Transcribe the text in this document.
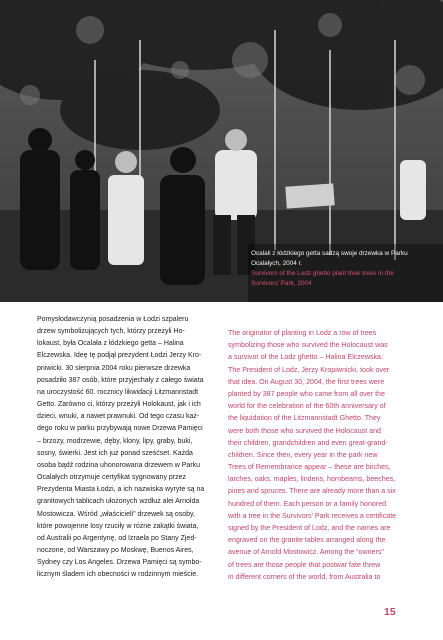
Ocalali z łódzkiego getta sadzą swoje drzewka w Parku
Ocalałych, 2004 r.
Survivors of the Lodz ghetto plant their trees in the
Survivors' Park, 2004
Pomysłodawczynią posadzenia w Łodzi szpaleru
drzew symbolizujących tych, którzy przeżyli Ho-
lokaust, była Ocalała z łódzkiego getta – Halina
Elczewska. Ideę tę podjął prezydent Łodzi Jerzy Kro-
pniwicki. 30 sierpnia 2004 roku pierwsze drzewka
posadziło 387 osób, które przyjechały z całego świata
na uroczystość 60. rocznicy likwidacji Litzmannstadt
Getto. Zarówno ci, którzy przeżyli Holokaust, jak i ich
dzieci, wnuki, a nawet prawnuki. Od tego czasu każ-
dego roku w parku przybywają nowe Drzewa Pamięci
– brzozy, modrzewie, dęby, klony, lipy, graby, buki,
sosny, świerki. Jest ich już ponad sześćset. Każda
osoba bądź rodzina uhonorowana drzewem w Parku
Ocalałych otrzymuje certyfikat sygnowany przez
Prezydenta Miasta Łodzi, a ich nazwiska wyryte są na
granitowych tablicach ułożonych wzdłuż alei Arnolda
Mostowicza. Wśród „właścicieli" drzewek są osoby,
które powojenne losy rzuciły w różne zakątki świata,
od Australii po Argentynę, od Izraela po Stany Zjed-
noczone, od Warszawy po Moskwę, Buenos Aires,
Sydney czy Los Angeles. Drzewa Pamięci są symbo-
licznym śladem ich obecności w rodzinnym mieście.
The originator of planting in Lodz a row of trees
symbolizing those who survived the Holocaust was
a survivor of the Lodz ghetto – Halina Elczewska.
The President of Lodz, Jerzy Kropiwnicki, took over
that idea. On August 30, 2004, the first trees were
planted by 387 people who came from all over the
world for the celebration of the 60th anniversary of
the liquidation of the Litzmannstadt Ghetto. They
were both those who survived the Holocaust and
their children, grandchildren and even great-grand-
children. Since then, every year in the park new
Trees of Remembrance appear – these are birches,
larches, oaks, maples, lindens, hornbeams, beeches,
pines and spruces. There are already more than a six
hundred of them. Each person or a family honored
with a tree in the Survivors' Park receives a certificate
signed by the President of Lodz, and the names are
engraved on the granite tables arranged along the
avenue of Arnold Mostowicz. Among the “owners"
of trees are those people that postwar fate threw
in different corners of the world, from Australia to
15
